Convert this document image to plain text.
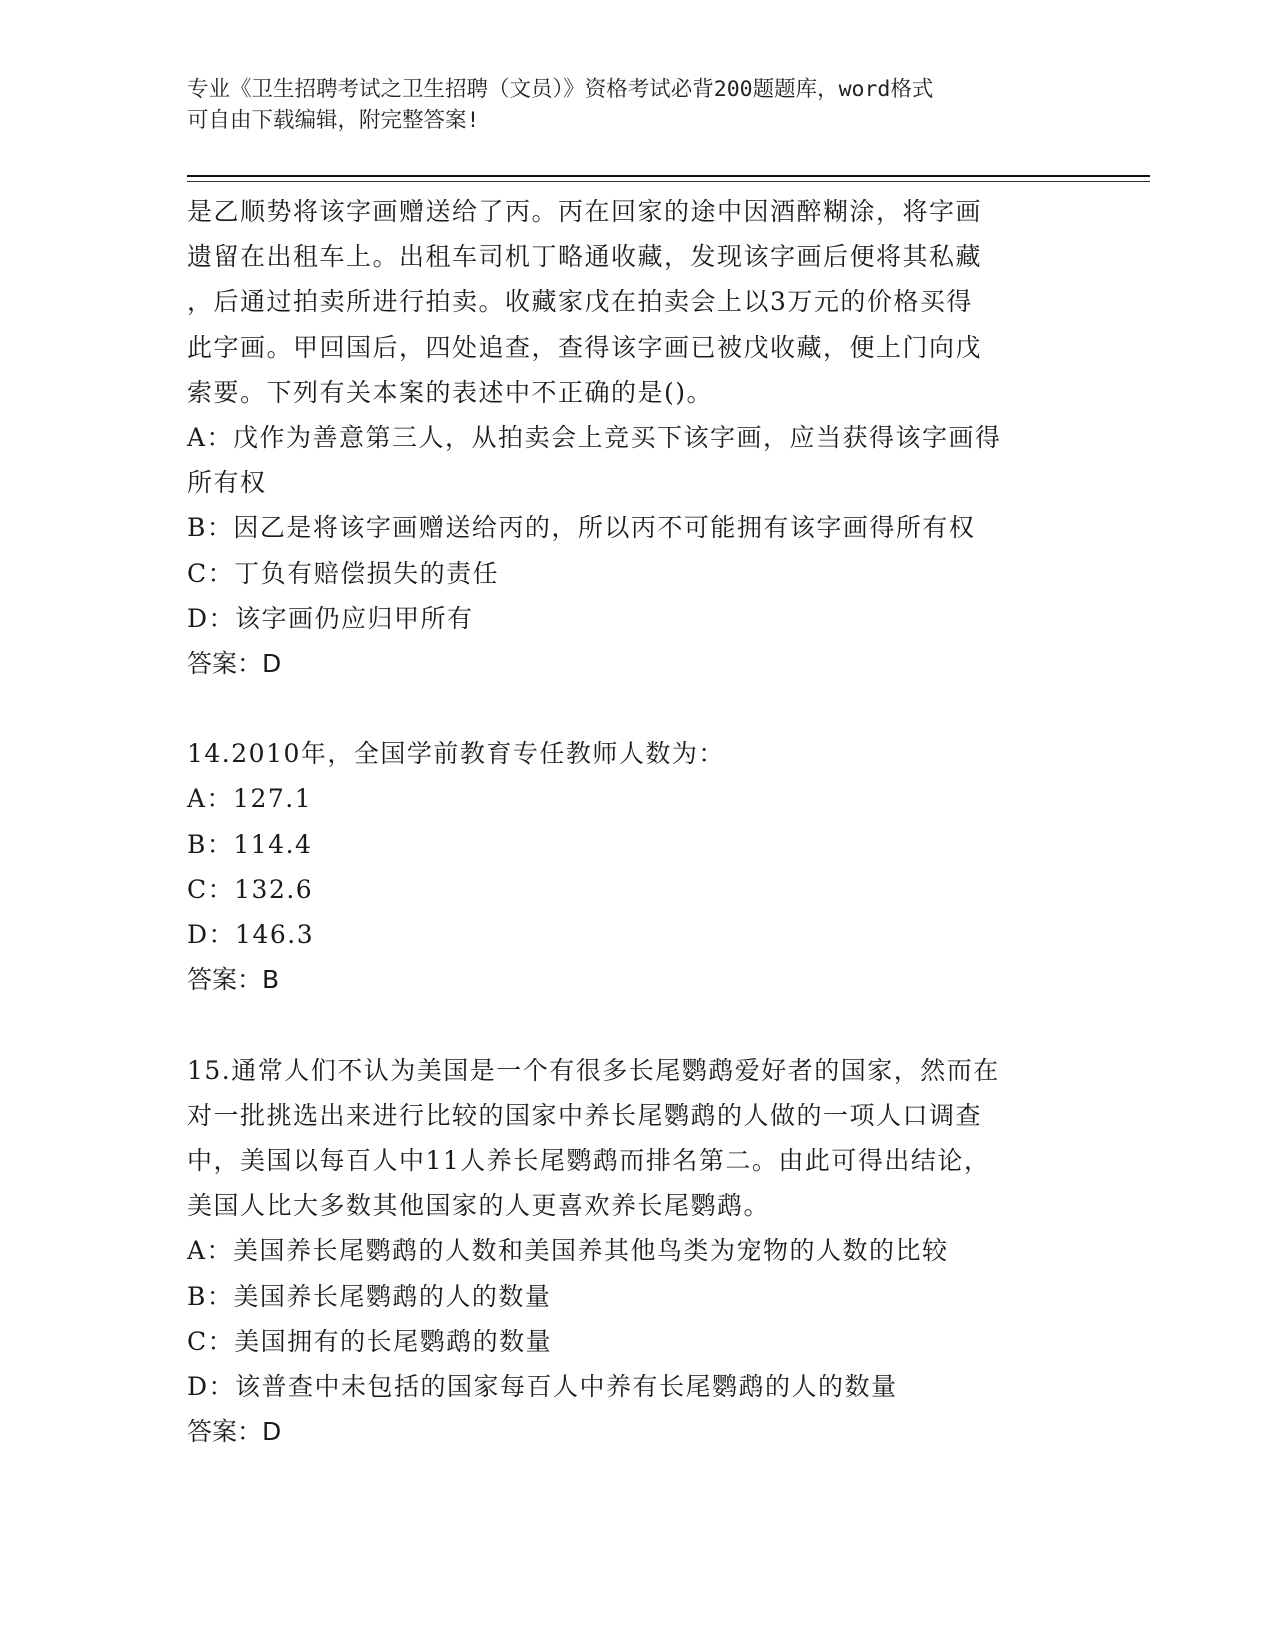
专业《卫生招聘考试之卫生招聘（文员）》资格考试必背200题题库，word格式
可自由下载编辑，附完整答案!
是乙顺势将该字画赠送给了丙。丙在回家的途中因酒醉糊涂，将字画
遗留在出租车上。出租车司机丁略通收藏，发现该字画后便将其私藏
，后通过拍卖所进行拍卖。收藏家戊在拍卖会上以3万元的价格买得
此字画。甲回国后，四处追查，查得该字画已被戊收藏，便上门向戊
索要。下列有关本案的表述中不正确的是()。
A：戊作为善意第三人，从拍卖会上竞买下该字画，应当获得该字画得
所有权
B：因乙是将该字画赠送给丙的，所以丙不可能拥有该字画得所有权
C：丁负有赔偿损失的责任
D：该字画仍应归甲所有
答案：D
14.2010年，全国学前教育专任教师人数为：
A：127.1
B：114.4
C：132.6
D：146.3
答案：B
15.通常人们不认为美国是一个有很多长尾鹦鹉爱好者的国家，然而在
对一批挑选出来进行比较的国家中养长尾鹦鹉的人做的一项人口调查
中，美国以每百人中11人养长尾鹦鹉而排名第二。由此可得出结论，
美国人比大多数其他国家的人更喜欢养长尾鹦鹉。
A：美国养长尾鹦鹉的人数和美国养其他鸟类为宠物的人数的比较
B：美国养长尾鹦鹉的人的数量
C：美国拥有的长尾鹦鹉的数量
D：该普查中未包括的国家每百人中养有长尾鹦鹉的人的数量
答案：D
